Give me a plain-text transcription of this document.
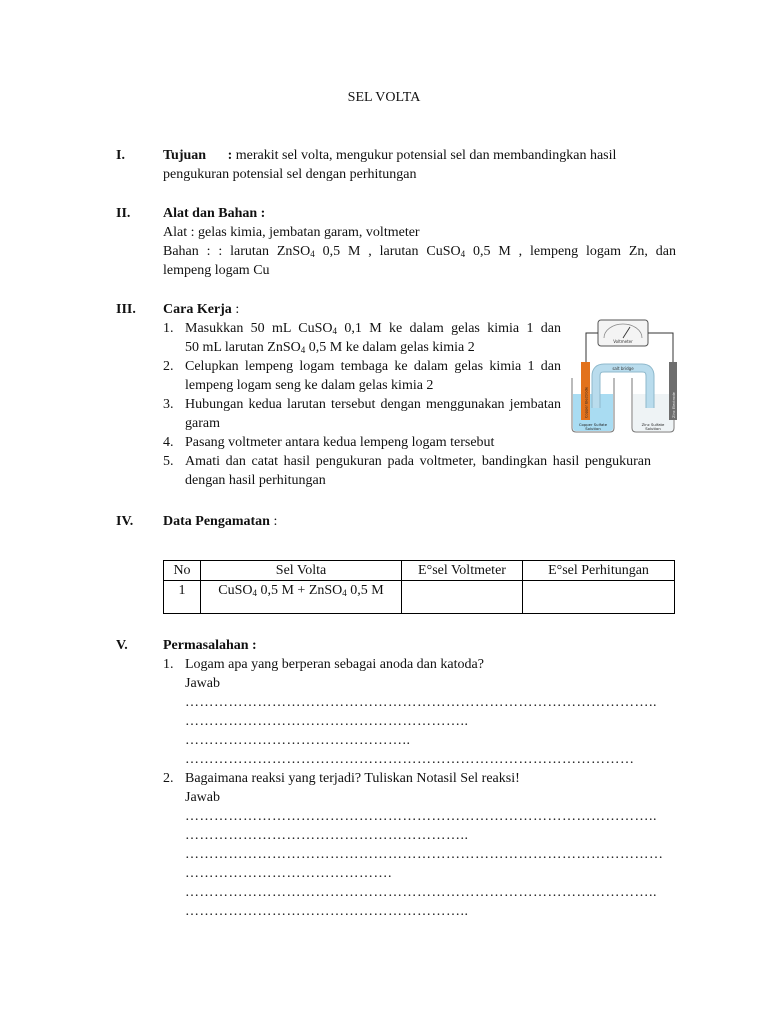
SEL VOLTA
I.	Tujuan : merakit sel volta, mengukur potensial sel dan membandingkan hasil
pengukuran potensial sel dengan perhitungan
II. Alat dan Bahan :
Alat : gelas kimia, jembatan garam, voltmeter
Bahan : : larutan ZnSO$_4$ 0,5 M , larutan CuSO$_4$ 0,5 M , lempeng logam Zn, dan
lempeng logam Cu
III. Cara Kerja :
1. Masukkan 50 mL CuSO$_4$ 0,1 M ke dalam gelas kimia 1 dan
50 mL larutan ZnSO$_4$ 0,5 M ke dalam gelas kimia 2
2. Celupkan lempeng logam tembaga ke dalam gelas kimia 1 dan lempeng logam seng ke dalam gelas kimia 2
3. Hubungan kedua larutan tersebut dengan menggunakan jembatan garam
4. Pasang voltmeter antara kedua lempeng logam tersebut
5. Amati dan catat hasil pengukuran pada voltmeter, bandingkan hasil pengukuran dengan hasil perhitungan
Voltmeter
salt bridge
Copper Electrode	Zinc Electrode
Copper Sulfate
Solution
Zinc Sulfate
Solution
IV. Data Pengamatan :
No	Sel Volta	E°sel Voltmeter	E°sel Perhitungan
1	CuSO$_4$ 0,5 M + ZnSO$_4$ 0,5 M		
V.	Permasalahan :
1. Logam apa yang berperan sebagai anoda dan katoda?
Jawab
……………………………………………………………………………………..
…………………………………………………..
………………………………………..
…………………………………………………………………………………
2. Bagaimana reaksi yang terjadi? Tuliskan Notasil Sel reaksi!
Jawab
……………………………………………………………………………………..
…………………………………………………..
………………………………………………………………………………………
…………………………………….
……………………………………………………………………………………..
…………………………………………………..
